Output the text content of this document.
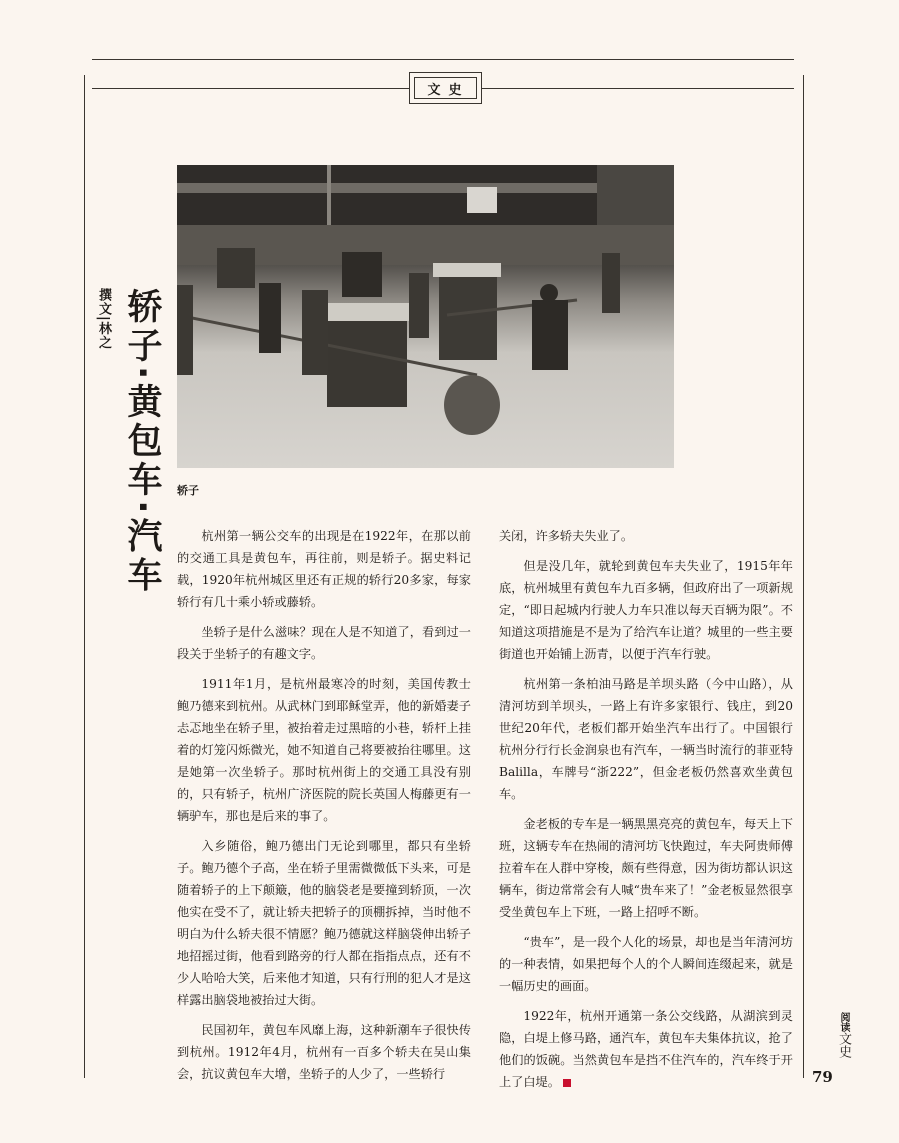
文史
撰文|林之 轿子·黄包车·汽车 轿子

杭州第一辆公交车的出现是在1922年，在那以前的交通工具是黄包车，再往前，则是轿子。据史料记载，1920年杭州城区里还有正规的轿行20多家，每家轿行有几十乘小轿或藤轿。

坐轿子是什么滋味？现在人是不知道了，看到过一段关于坐轿子的有趣文字。

1911年1月，是杭州最寒冷的时刻，美国传教士鲍乃德来到杭州。从武林门到耶稣堂弄，他的新婚妻子忐忑地坐在轿子里，被抬着走过黑暗的小巷，轿杆上挂着的灯笼闪烁微光，她不知道自己将要被抬往哪里。这是她第一次坐轿子。那时杭州街上的交通工具没有别的，只有轿子，杭州广济医院的院长英国人梅藤更有一辆驴车，那也是后来的事了。

入乡随俗，鲍乃德出门无论到哪里，都只有坐轿子。鲍乃德个子高，坐在轿子里需微微低下头来，可是随着轿子的上下颠簸，他的脑袋老是要撞到轿顶，一次他实在受不了，就让轿夫把轿子的顶棚拆掉，当时他不明白为什么轿夫很不情愿？鲍乃德就这样脑袋伸出轿子地招摇过街，他看到路旁的行人都在指指点点，还有不少人哈哈大笑，后来他才知道，只有行刑的犯人才是这样露出脑袋地被抬过大街。

民国初年，黄包车风靡上海，这种新潮车子很快传到杭州。1912年4月，杭州有一百多个轿夫在吴山集会，抗议黄包车大增，坐轿子的人少了，一些轿行

关闭，许多轿夫失业了。

但是没几年，就轮到黄包车夫失业了，1915年年底，杭州城里有黄包车九百多辆，但政府出了一项新规定，“即日起城内行驶人力车只准以每天百辆为限”。不知道这项措施是不是为了给汽车让道？城里的一些主要街道也开始铺上沥青，以便于汽车行驶。

杭州第一条柏油马路是羊坝头路（今中山路），从清河坊到羊坝头，一路上有许多家银行、钱庄，到20世纪20年代，老板们都开始坐汽车出行了。中国银行杭州分行行长金润泉也有汽车，一辆当时流行的菲亚特Balilla，车牌号“浙222”，但金老板仍然喜欢坐黄包车。

金老板的专车是一辆黑黑亮亮的黄包车，每天上下班，这辆专车在热闹的清河坊飞快跑过，车夫阿贵师傅拉着车在人群中穿梭，颇有些得意，因为街坊都认识这辆车，街边常常会有人喊“贵车来了！”金老板显然很享受坐黄包车上下班，一路上招呼不断。

“贵车”，是一段个人化的场景，却也是当年清河坊的一种表情，如果把每个人的个人瞬间连缀起来，就是一幅历史的画面。

1922年，杭州开通第一条公交线路，从湖滨到灵隐，白堤上修马路，通汽车，黄包车夫集体抗议，抢了他们的饭碗。当然黄包车是挡不住汽车的，汽车终于开上了白堤。

阅读文史
79
